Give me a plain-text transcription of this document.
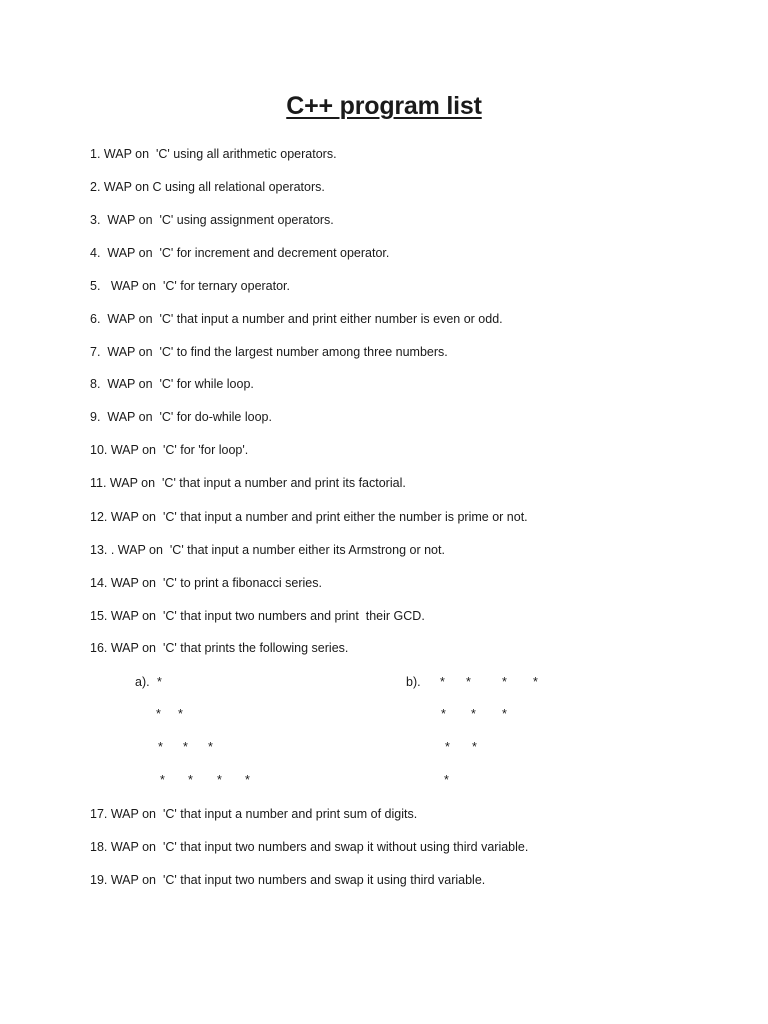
C++ program list
1. WAP on  'C' using all arithmetic operators.
2. WAP on C using all relational operators.
3.  WAP on  'C' using assignment operators.
4.  WAP on  'C' for increment and decrement operator.
5.   WAP on  'C' for ternary operator.
6.  WAP on  'C' that input a number and print either number is even or odd.
7.  WAP on  'C' to find the largest number among three numbers.
8.  WAP on  'C' for while loop.
9.  WAP on  'C' for do-while loop.
10. WAP on  'C' for 'for loop'.
11. WAP on  'C' that input a number and print its factorial.
12. WAP on  'C' that input a number and print either the number is prime or not.
13. . WAP on  'C' that input a number either its Armstrong or not.
14. WAP on  'C' to print a fibonacci series.
15. WAP on  'C' that input two numbers and print  their GCD.
16. WAP on  'C' that prints the following series.
a). *
* *
* * *
* * * *
b). * * * *
* * *
* *
*
17. WAP on  'C' that input a number and print sum of digits.
18. WAP on  'C' that input two numbers and swap it without using third variable.
19. WAP on  'C' that input two numbers and swap it using third variable.
